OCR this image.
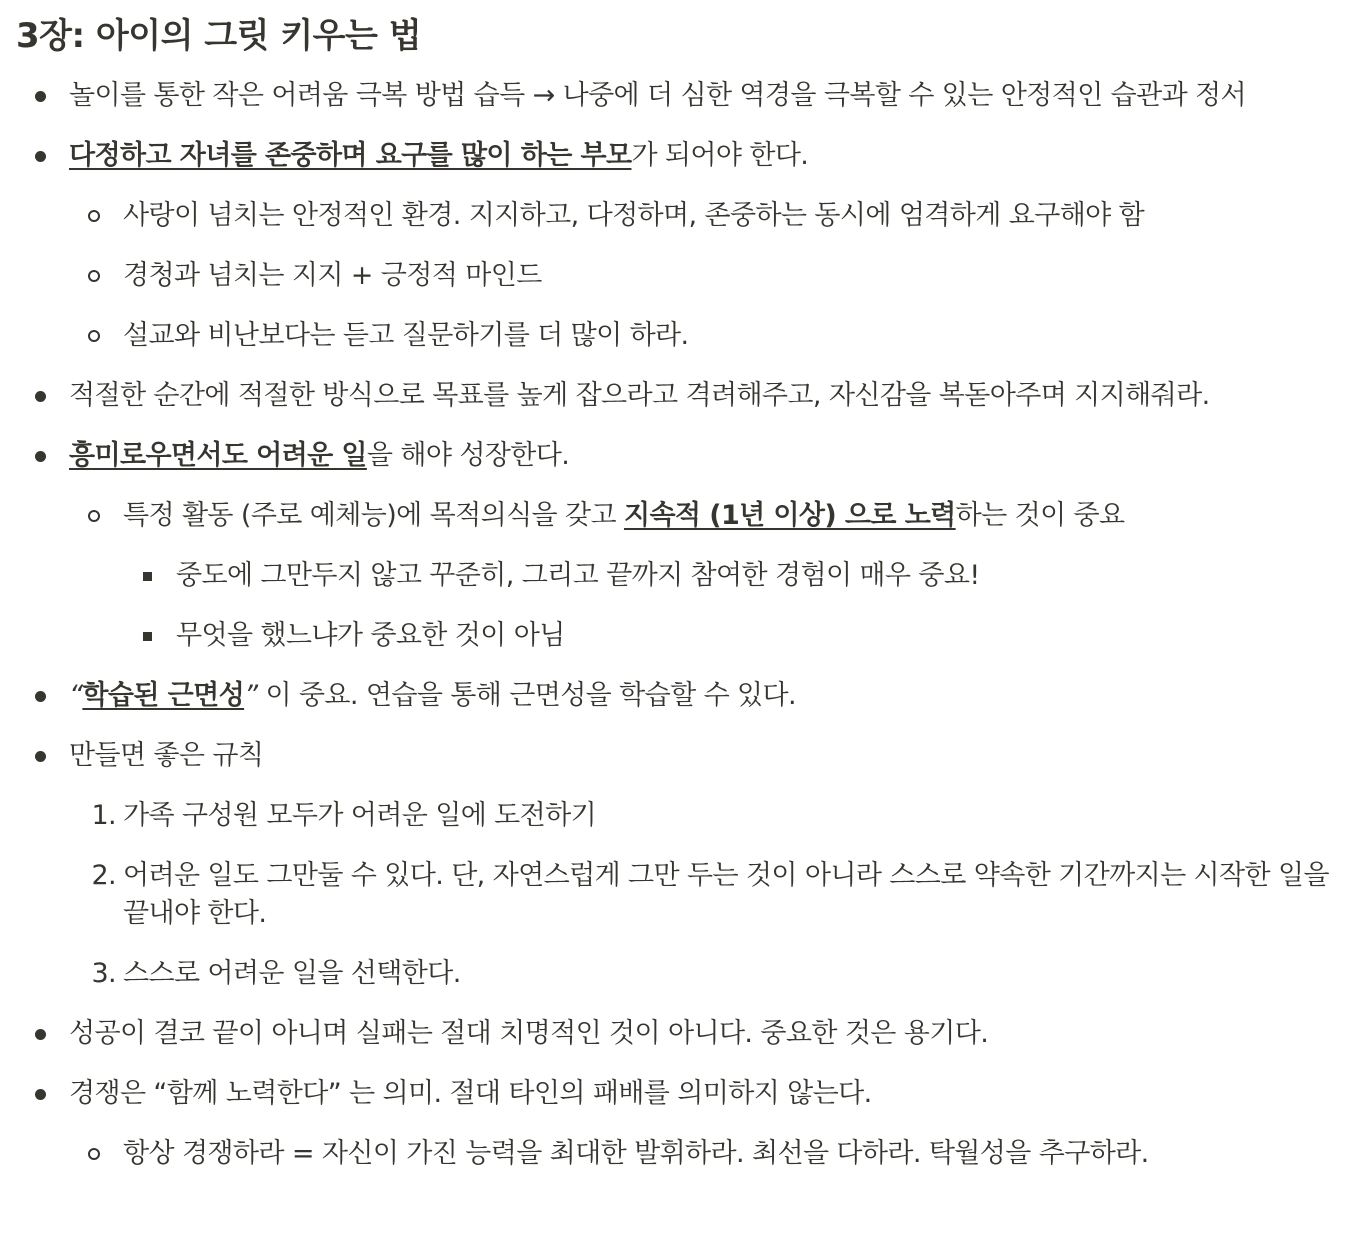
3장: 아이의 그릿 키우는 법
놀이를 통한 작은 어려움 극복 방법 습득 → 나중에 더 심한 역경을 극복할 수 있는 안정적인 습관과 정서
다정하고 자녀를 존중하며 요구를 많이 하는 부모가 되어야 한다.
사랑이 넘치는 안정적인 환경. 지지하고, 다정하며, 존중하는 동시에 엄격하게 요구해야 함
경청과 넘치는 지지 + 긍정적 마인드
설교와 비난보다는 듣고 질문하기를 더 많이 하라.
적절한 순간에 적절한 방식으로 목표를 높게 잡으라고 격려해주고, 자신감을 복돋아주며 지지해줘라.
흥미로우면서도 어려운 일을 해야 성장한다.
특정 활동 (주로 예체능)에 목적의식을 갖고 지속적 (1년 이상) 으로 노력하는 것이 중요
중도에 그만두지 않고 꾸준히, 그리고 끝까지 참여한 경험이 매우 중요!
무엇을 했느냐가 중요한 것이 아님
“학습된 근면성” 이 중요. 연습을 통해 근면성을 학습할 수 있다.
만들면 좋은 규칙
1. 가족 구성원 모두가 어려운 일에 도전하기
2. 어려운 일도 그만둘 수 있다. 단, 자연스럽게 그만 두는 것이 아니라 스스로 약속한 기간까지는 시작한 일을 끝내야 한다.
3. 스스로 어려운 일을 선택한다.
성공이 결코 끝이 아니며 실패는 절대 치명적인 것이 아니다. 중요한 것은 용기다.
경쟁은 “함께 노력한다” 는 의미. 절대 타인의 패배를 의미하지 않는다.
항상 경쟁하라 = 자신이 가진 능력을 최대한 발휘하라. 최선을 다하라. 탁월성을 추구하라.
